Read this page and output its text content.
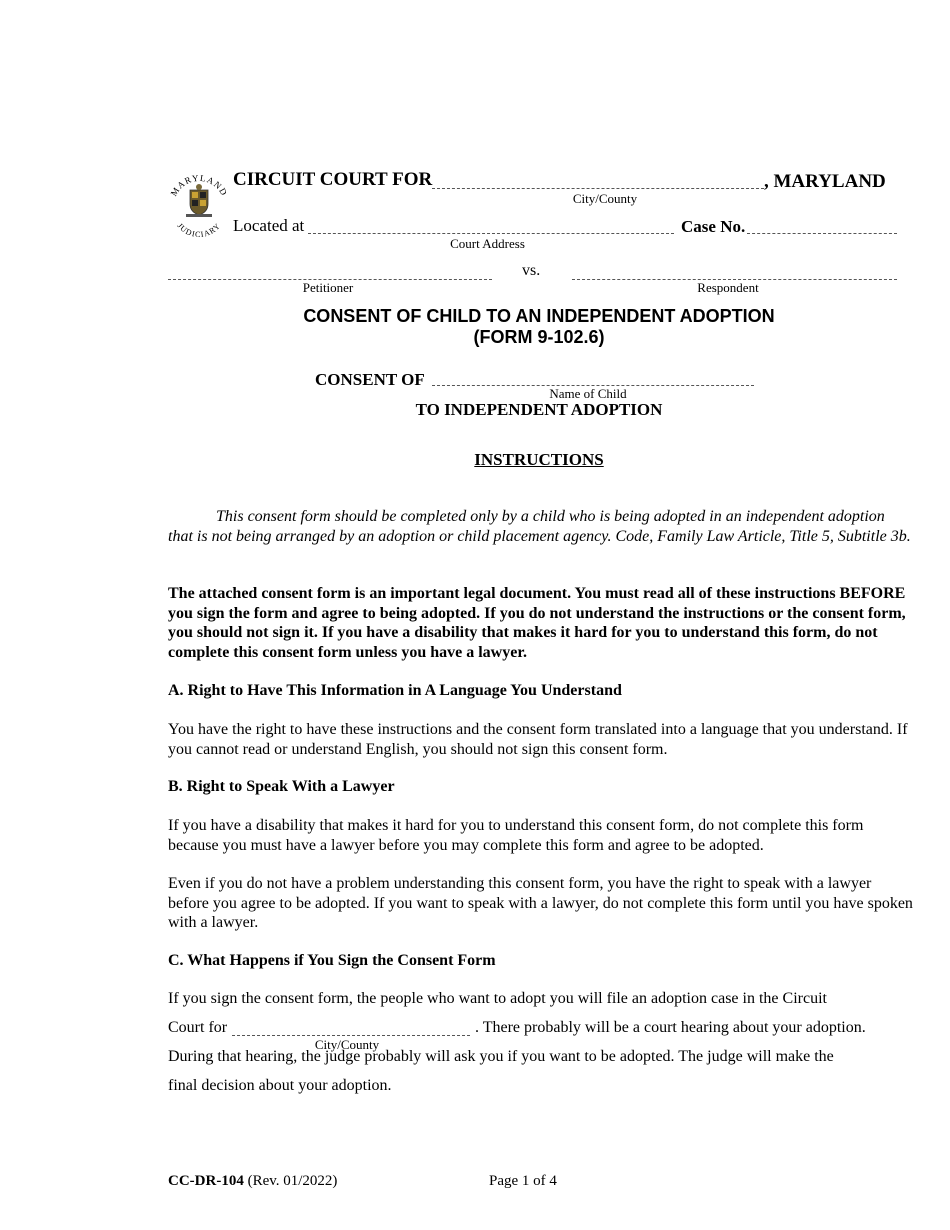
MARYLAND
JUDICIARY
CIRCUIT COURT FOR	, MARYLAND
City/County
Located at	Case No.
Court Address
vs.
Petitioner	Respondent
CONSENT OF CHILD TO AN INDEPENDENT ADOPTION
(FORM 9-102.6)
CONSENT OF
Name of Child
TO INDEPENDENT ADOPTION
INSTRUCTIONS
This consent form should be completed only by a child who is being adopted in an independent adoption that is not being arranged by an adoption or child placement agency. Code, Family Law Article, Title 5, Subtitle 3b.
The attached consent form is an important legal document. You must read all of these instructions BEFORE you sign the form and agree to being adopted. If you do not understand the instructions or the consent form, you should not sign it. If you have a disability that makes it hard for you to understand this form, do not complete this consent form unless you have a lawyer.
A. Right to Have This Information in A Language You Understand
You have the right to have these instructions and the consent form translated into a language that you understand. If you cannot read or understand English, you should not sign this consent form.
B. Right to Speak With a Lawyer
If you have a disability that makes it hard for you to understand this consent form, do not complete this form because you must have a lawyer before you may complete this form and agree to be adopted.
Even if you do not have a problem understanding this consent form, you have the right to speak with a lawyer before you agree to be adopted. If you want to speak with a lawyer, do not complete this form until you have spoken with a lawyer.
C. What Happens if You Sign the Consent Form
If you sign the consent form, the people who want to adopt you will file an adoption case in the Circuit
Court for	. There probably will be a court hearing about your adoption.
City/County
During that hearing, the judge probably will ask you if you want to be adopted. The judge will make the
final decision about your adoption.
CC-DR-104 (Rev. 01/2022)	Page 1 of 4
